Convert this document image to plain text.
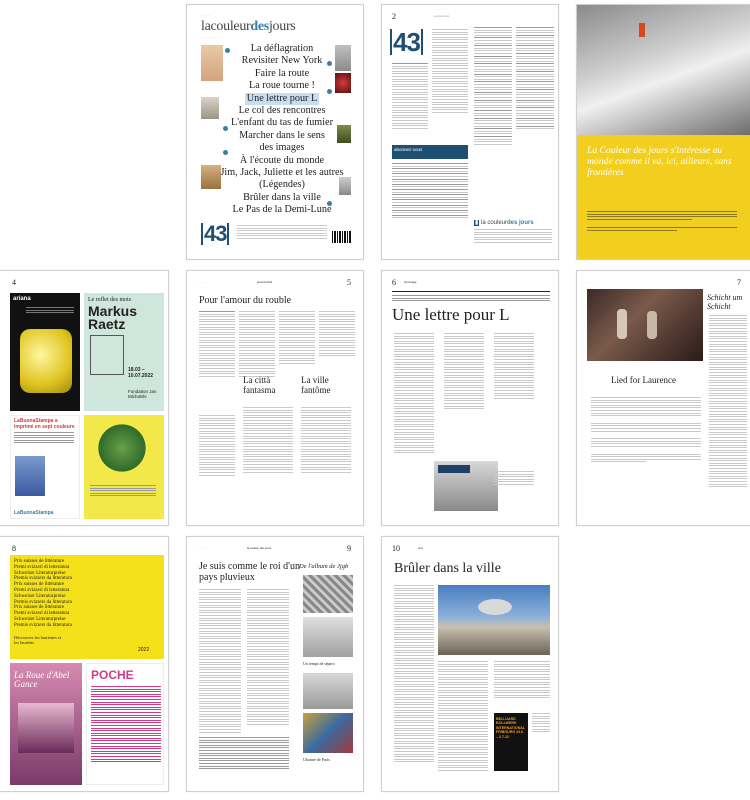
·· ·· ····
lacouleurdesjours
·· ·· ····· ·· ····
La déflagration
Revisiter New York
Faire la route
La roue tourne !
Une lettre pour L
Le col des rencontres
L'enfant du tas de fumier
Marcher dans le sens
des images
À l'écoute du monde
Jim, Jack, Juliette et les autres
(Légendes)
Brûler dans la ville
Le Pas de la Demi-Lune
43
2	journal d'été
43
abonnez-vous
▮ la couleurdes jours
La Couleur des jours s'intéresse au monde comme il va, ici, ailleurs, sans frontières
4
ariana	Le reflet des mots
Markus Raetz
18.03 – 10.07.2022
Fondation Jan Michalski
LaBuonaStampa a imprimé en sept couleurs
LaBuonaStampa
·········	journal d'été	5
Pour l'amour du rouble
La città fantasma
La ville fantôme
6	hommage
Une lettre pour L
·········	7
Schicht um Schicht
Lied for Laurence
8
Prix suisses de littérature
Premi svizzeri di letteratura
Schweizer Literaturpreise
Premis svizzers da litteratura
Prix suisses de littérature
Premi svizzeri di letteratura
Schweizer Literaturpreise
Premis svizzers da litteratura
Prix suisses de littérature
Premi svizzeri di letteratura
Schweizer Literaturpreise
Premis svizzers da litteratura
Découvrez les lauréates et les lauréats
2022
La Roue d'Abel Gance
POCHE
·········	la couleur des jours	9
Je suis comme le roi d'un pays pluvieux
De l'album de Jjgb
Un temps de séparo
Ukraine de Paris
10	voix
Brûler dans la ville
BELLUARD BOLLWERK INTERNATIONAL FRIBOURG 23.6 – 2.7.22
